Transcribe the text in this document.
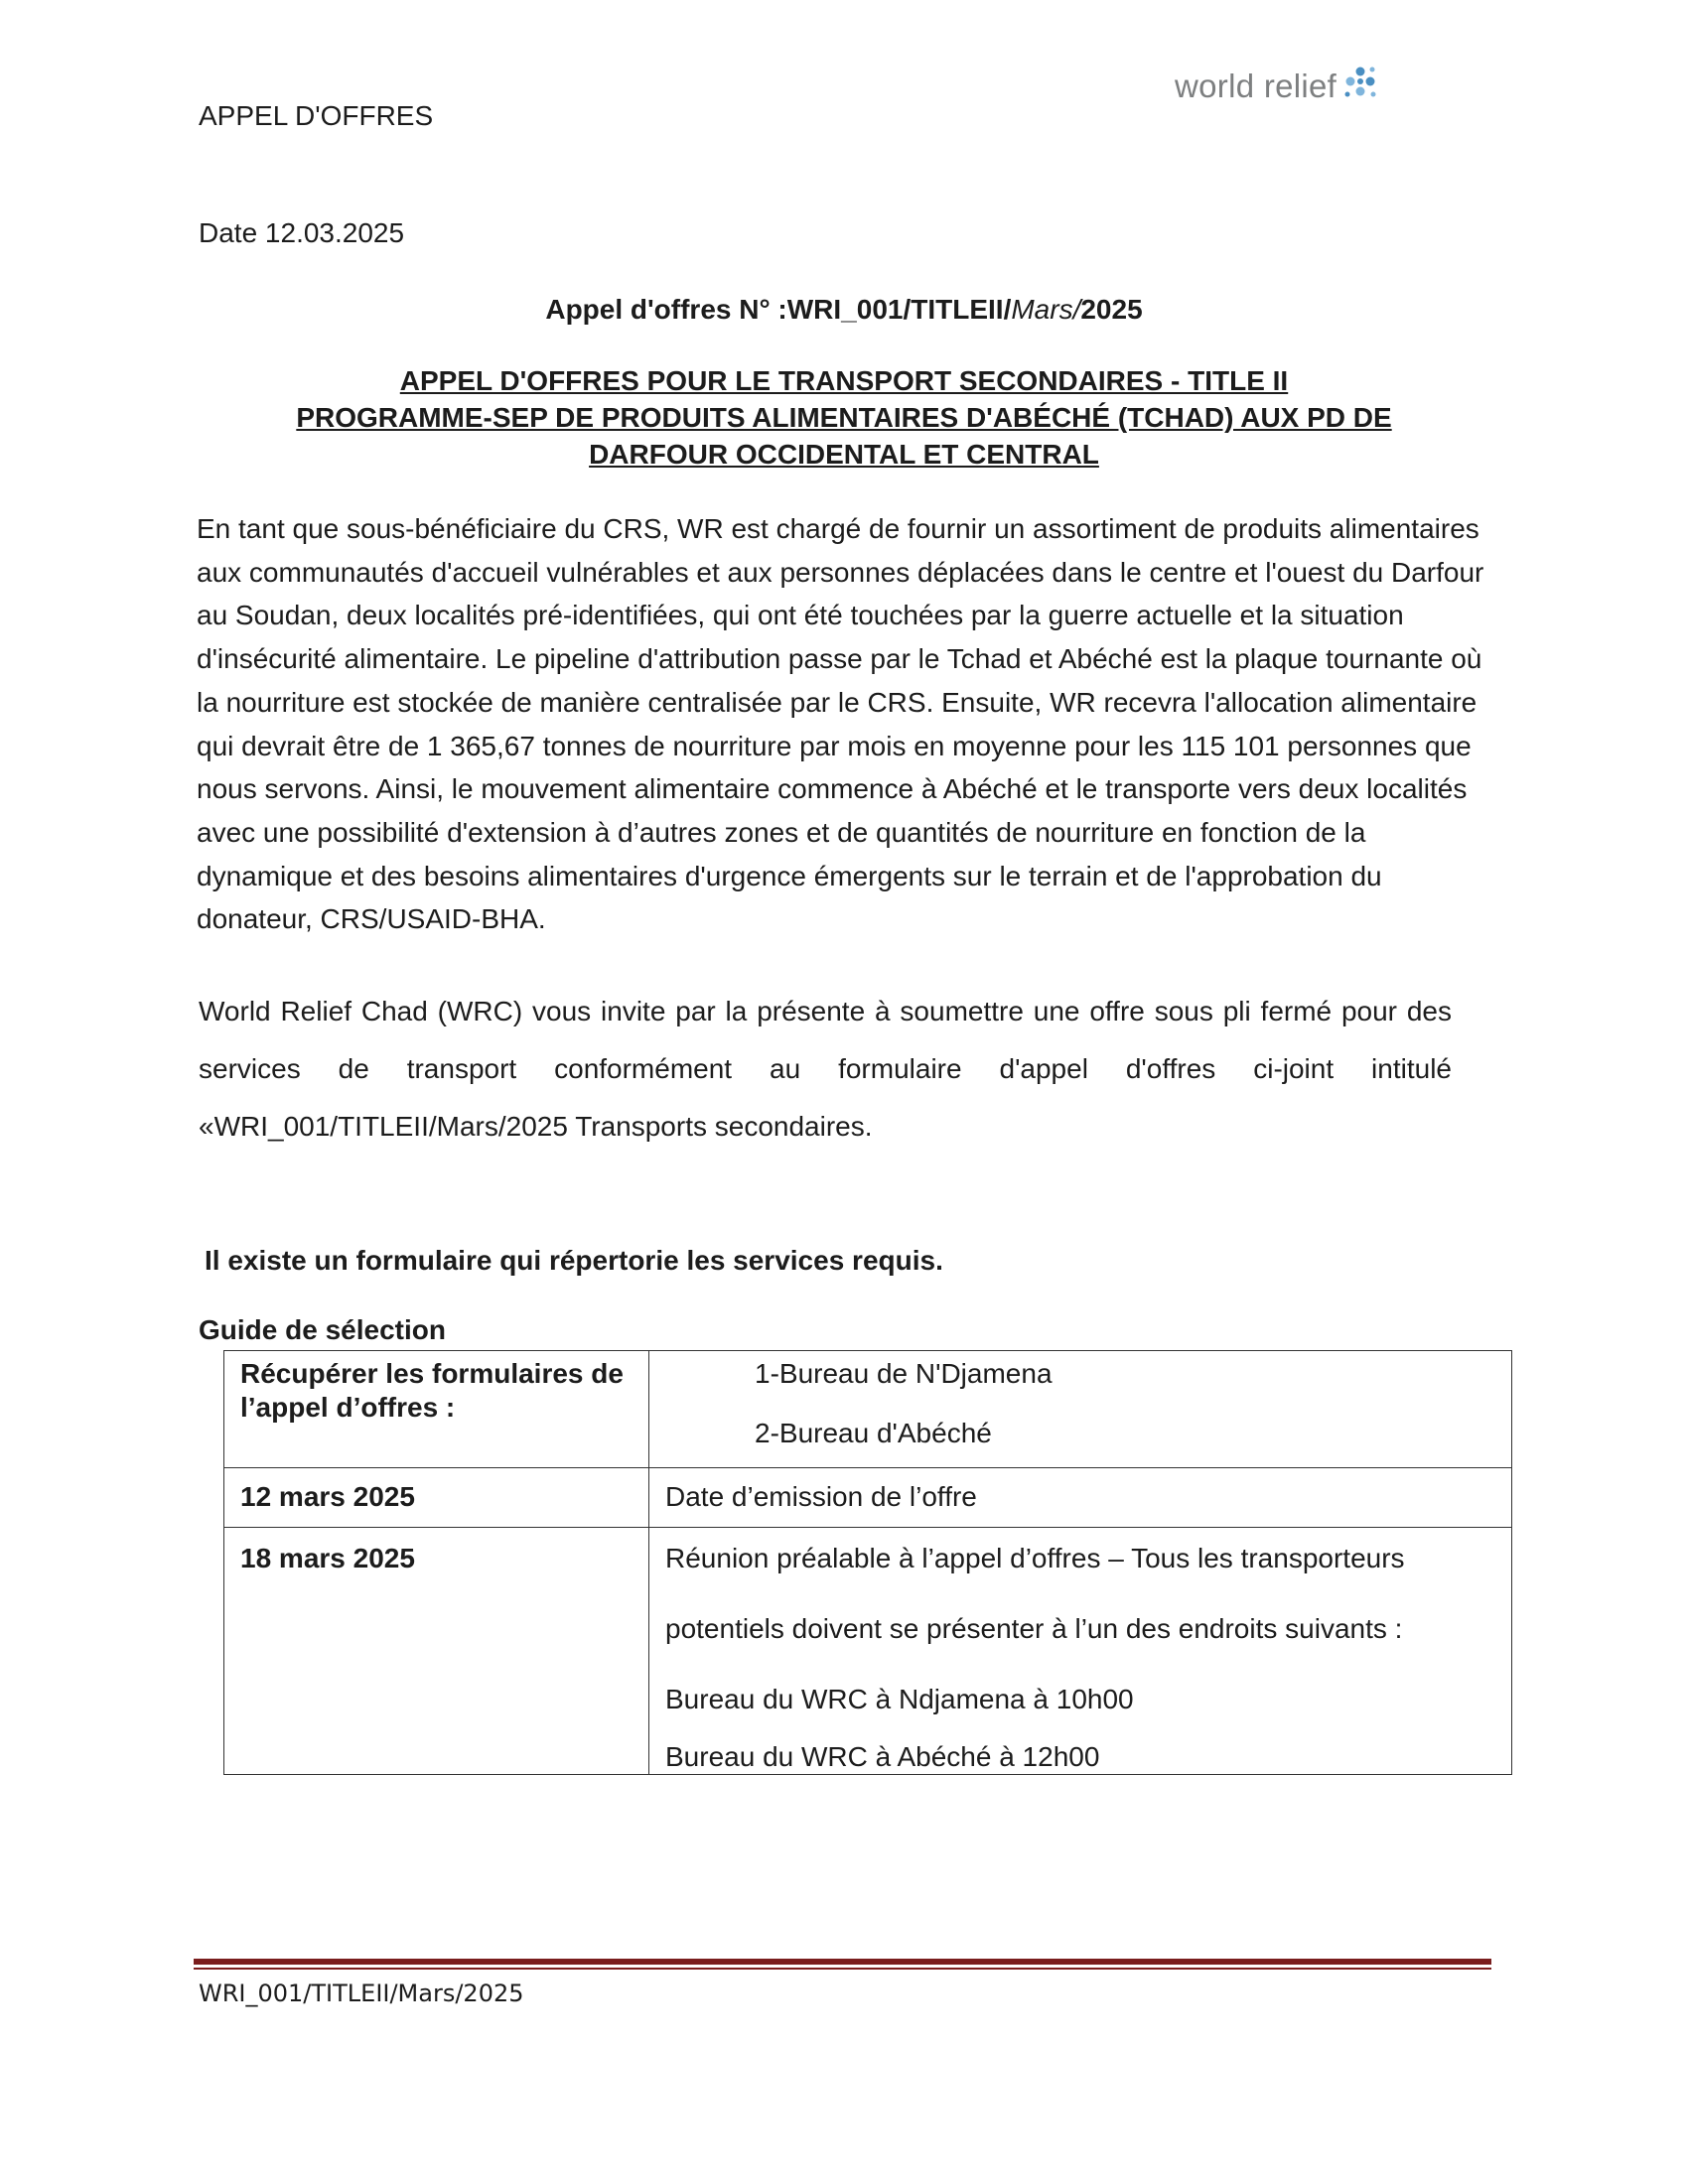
APPEL D'OFFRES
world relief
Date 12.03.2025
Appel d'offres N° :WRI_001/TITLEII/Mars/2025
APPEL D'OFFRES POUR LE TRANSPORT SECONDAIRES - TITLE II
PROGRAMME-SEP DE PRODUITS ALIMENTAIRES D'ABÉCHÉ (TCHAD) AUX PD DE
DARFOUR OCCIDENTAL ET CENTRAL
En tant que sous-bénéficiaire du CRS, WR est chargé de fournir un assortiment de produits alimentaires aux communautés d'accueil vulnérables et aux personnes déplacées dans le centre et l'ouest du Darfour au Soudan, deux localités pré-identifiées, qui ont été touchées par la guerre actuelle et la situation d'insécurité alimentaire. Le pipeline d'attribution passe par le Tchad et Abéché est la plaque tournante où la nourriture est stockée de manière centralisée par le CRS. Ensuite, WR recevra l'allocation alimentaire qui devrait être de 1 365,67 tonnes de nourriture par mois en moyenne pour les 115 101 personnes que nous servons. Ainsi, le mouvement alimentaire commence à Abéché et le transporte vers deux localités avec une possibilité d'extension à d’autres zones et de quantités de nourriture en fonction de la dynamique et des besoins alimentaires d'urgence émergents sur le terrain et de l'approbation du donateur, CRS/USAID-BHA.
World Relief Chad (WRC) vous invite par la présente à soumettre une offre sous pli fermé pour des services de transport conformément au formulaire d'appel d'offres ci-joint intitulé «WRI_001/TITLEII/Mars/2025 Transports secondaires.
Il existe un formulaire qui répertorie les services requis.
Guide de sélection
Récupérer les formulaires de l’appel d’offres :	1-Bureau de N'Djamena
2-Bureau d'Abéché

12 mars 2025	Date d’emission de l’offre

18 mars 2025	Réunion préalable à l’appel d’offres – Tous les transporteurs
potentiels doivent se présenter à l’un des endroits suivants :
Bureau du WRC à Ndjamena à 10h00
Bureau du WRC à Abéché à 12h00
WRI_001/TITLEII/Mars/2025
